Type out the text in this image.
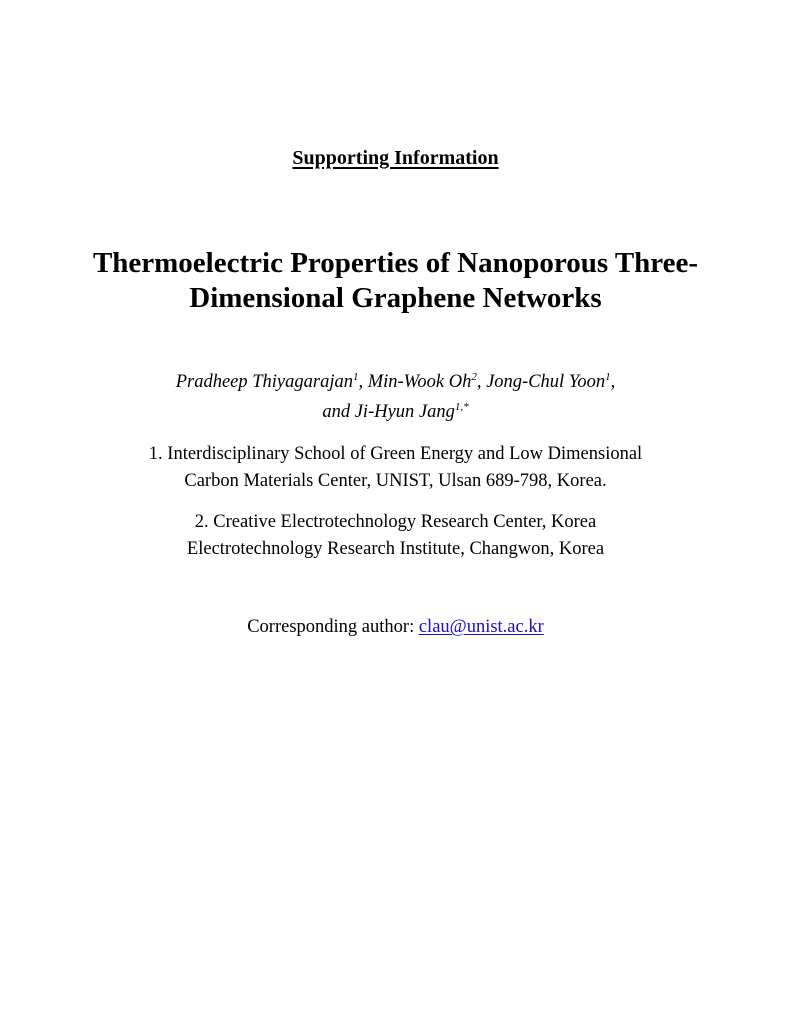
Supporting Information

Thermoelectric Properties of Nanoporous Three-
Dimensional Graphene Networks
Pradheep Thiyagarajan$^1$, Min-Wook Oh$^2$, Jong-Chul Yoon$^1$,
and Ji-Hyun Jang$^{1,*}$
1. Interdisciplinary School of Green Energy and Low Dimensional
Carbon Materials Center, UNIST, Ulsan 689-798, Korea.
2. Creative Electrotechnology Research Center, Korea
Electrotechnology Research Institute, Changwon, Korea

Corresponding author: clau@unist.ac.kr
